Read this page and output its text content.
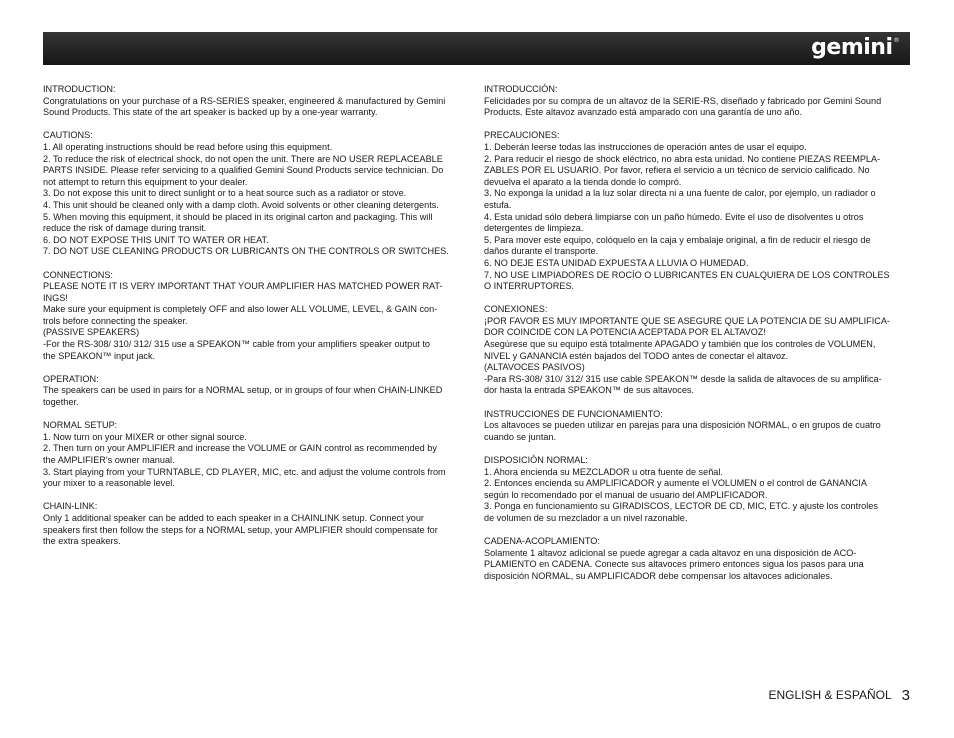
gemini®

INTRODUCTION:

Congratulations on your purchase of a RS-SERIES speaker, engineered & manufactured by Gemini
Sound Products. This state of the art speaker is backed up by a one-year warranty.

CAUTIONS:

1. All operating instructions should be read before using this equipment.
2. To reduce the risk of electrical shock, do not open the unit. There are NO USER REPLACEABLE
PARTS INSIDE. Please refer servicing to a qualified Gemini Sound Products service technician. Do
not attempt to return this equipment to your dealer.
3. Do not expose this unit to direct sunlight or to a heat source such as a radiator or stove.
4. This unit should be cleaned only with a damp cloth. Avoid solvents or other cleaning detergents.
5. When moving this equipment, it should be placed in its original carton and packaging. This will
reduce the risk of damage during transit.
6. DO NOT EXPOSE THIS UNIT TO WATER OR HEAT.
7. DO NOT USE CLEANING PRODUCTS OR LUBRICANTS ON THE CONTROLS OR SWITCHES.

CONNECTIONS:

PLEASE NOTE IT IS VERY IMPORTANT THAT YOUR AMPLIFIER HAS MATCHED POWER RAT-
INGS!
Make sure your equipment is completely OFF and also lower ALL VOLUME, LEVEL, & GAIN con-
trols before connecting the speaker.
(PASSIVE SPEAKERS)
-For the RS-308/ 310/ 312/ 315 use a SPEAKON™ cable from your amplifiers speaker output to
the SPEAKON™ input jack.

OPERATION:

The speakers can be used in pairs for a NORMAL setup, or in groups of four when CHAIN-LINKED
together.

NORMAL SETUP:

1. Now turn on your MIXER or other signal source.
2. Then turn on your AMPLIFIER and increase the VOLUME or GAIN control as recommended by
the AMPLIFIER's owner manual.
3. Start playing from your TURNTABLE, CD PLAYER, MIC, etc. and adjust the volume controls from
your mixer to a reasonable level.

CHAIN-LINK:

Only 1 additional speaker can be added to each speaker in a CHAINLINK setup. Connect your
speakers first then follow the steps for a NORMAL setup, your AMPLIFIER should compensate for
the extra speakers.

INTRODUCCIÓN:

Felicidades por su compra de un altavoz de la SERIE-RS, diseñado y fabricado por Gemini Sound
Products. Este altavoz avanzado está amparado con una garantía de uno año.

PRECAUCIONES:

1. Deberán leerse todas las instrucciones de operación antes de usar el equipo.
2. Para reducir el riesgo de shock eléctrico, no abra esta unidad. No contiene PIEZAS REEMPLA-
ZABLES POR EL USUARIO. Por favor, refiera el servicio a un técnico de servicio calificado. No
devuelva el aparato a la tienda donde lo compró.
3. No exponga la unidad a la luz solar directa ni a una fuente de calor, por ejemplo, un radiador o
estufa.
4. Esta unidad sólo deberá limpiarse con un paño húmedo. Evite el uso de disolventes u otros
detergentes de limpieza.
5. Para mover este equipo, colóquelo en la caja y embalaje original, a fin de reducir el riesgo de
daños durante el transporte.
6. NO DEJE ESTA UNIDAD EXPUESTA A LLUVIA O HUMEDAD.
7. NO USE LIMPIADORES DE ROCÍO O LUBRICANTES EN CUALQUIERA DE LOS CONTROLES
O INTERRUPTORES.

CONEXIONES:

¡POR FAVOR ES MUY IMPORTANTE QUE SE ASEGURE QUE LA POTENCIA DE SU AMPLIFICA-
DOR COINCIDE CON LA POTENCIA ACEPTADA POR EL ALTAVOZ!
Asegúrese que su equipo está totalmente APAGADO y también que los controles de VOLUMEN,
NIVEL y GANANCIA estén bajados del TODO antes de conectar el altavoz.
(ALTAVOCES PASIVOS)
-Para RS-308/ 310/ 312/ 315 use cable SPEAKON™ desde la salida de altavoces de su amplifica-
dor hasta la entrada SPEAKON™ de sus altavoces.

INSTRUCCIONES DE FUNCIONAMIENTO:

Los altavoces se pueden utilizar en parejas para una disposición NORMAL, o en grupos de cuatro
cuando se juntan.

DISPOSICIÓN NORMAL:

1. Ahora encienda su MEZCLADOR u otra fuente de señal.
2. Entonces encienda su AMPLIFICADOR y aumente el VOLUMEN o el control de GANANCIA
según lo recomendado por el manual de usuario del AMPLIFICADOR.
3. Ponga en funcionamiento su GIRADISCOS, LECTOR DE CD, MIC, ETC. y ajuste los controles
de volumen de su mezclador a un nivel razonable.

CADENA-ACOPLAMIENTO:

Solamente 1 altavoz adicional se puede agregar a cada altavoz en una disposición de ACO-
PLAMIENTO en CADENA. Conecte sus altavoces primero entonces sigua los pasos para una
disposición NORMAL, su AMPLIFICADOR debe compensar los altavoces adicionales.

ENGLISH & ESPAÑOL 3
